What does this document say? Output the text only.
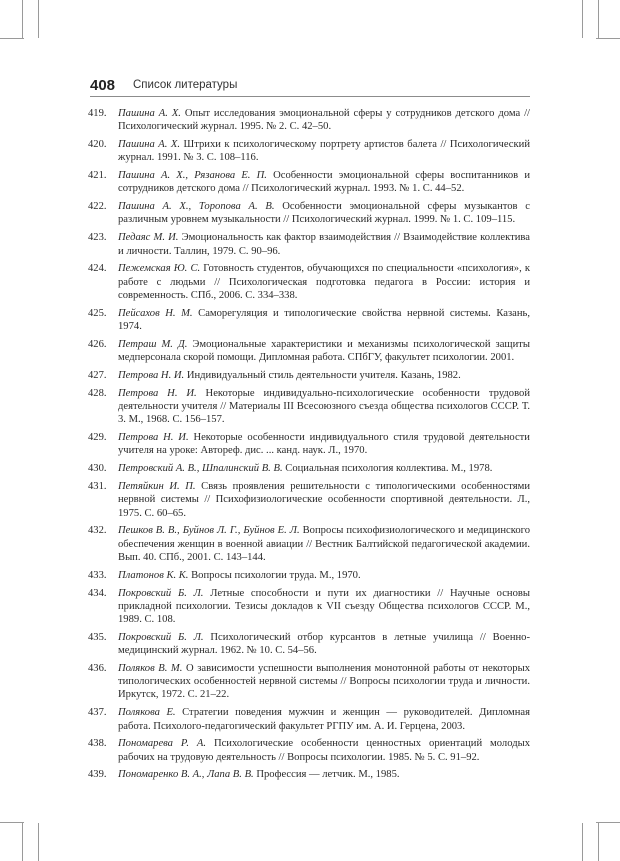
408 Список литературы
419. Пашина А. Х. Опыт исследования эмоциональной сферы у сотрудников детского дома // Психологический журнал. 1995. № 2. С. 42–50.
420. Пашина А. Х. Штрихи к психологическому портрету артистов балета // Психологический журнал. 1991. № 3. С. 108–116.
421. Пашина А. Х., Рязанова Е. П. Особенности эмоциональной сферы воспитанников и сотрудников детского дома // Психологический журнал. 1993. № 1. С. 44–52.
422. Пашина А. Х., Торопова А. В. Особенности эмоциональной сферы музыкантов с различным уровнем музыкальности // Психологический журнал. 1999. № 1. С. 109–115.
423. Педаяс М. И. Эмоциональность как фактор взаимодействия // Взаимодействие коллектива и личности. Таллин, 1979. С. 90–96.
424. Пежемская Ю. С. Готовность студентов, обучающихся по специальности «психология», к работе с людьми // Психологическая подготовка педагога в России: история и современность. СПб., 2006. С. 334–338.
425. Пейсахов Н. М. Саморегуляция и типологические свойства нервной системы. Казань, 1974.
426. Петраш М. Д. Эмоциональные характеристики и механизмы психологической защиты медперсонала скорой помощи. Дипломная работа. СПбГУ, факультет психологии. 2001.
427. Петрова Н. И. Индивидуальный стиль деятельности учителя. Казань, 1982.
428. Петрова Н. И. Некоторые индивидуально-психологические особенности трудовой деятельности учителя // Материалы III Всесоюзного съезда общества психологов СССР. Т. 3. М., 1968. С. 156–157.
429. Петрова Н. И. Некоторые особенности индивидуального стиля трудовой деятельности учителя на уроке: Автореф. дис. ... канд. наук. Л., 1970.
430. Петровский А. В., Шпалинский В. В. Социальная психология коллектива. М., 1978.
431. Петяйкин И. П. Связь проявления решительности с типологическими особенностями нервной системы // Психофизиологические особенности спортивной деятельности. Л., 1975. С. 60–65.
432. Пешков В. В., Буйнов Л. Г., Буйнов Е. Л. Вопросы психофизиологического и медицинского обеспечения женщин в военной авиации // Вестник Балтийской педагогической академии. Вып. 40. СПб., 2001. С. 143–144.
433. Платонов К. К. Вопросы психологии труда. М., 1970.
434. Покровский Б. Л. Летные способности и пути их диагностики // Научные основы прикладной психологии. Тезисы докладов к VII съезду Общества психологов СССР. М., 1989. С. 108.
435. Покровский Б. Л. Психологический отбор курсантов в летные училища // Военно-медицинский журнал. 1962. № 10. С. 54–56.
436. Поляков В. М. О зависимости успешности выполнения монотонной работы от некоторых типологических особенностей нервной системы // Вопросы психологии труда и личности. Иркутск, 1972. С. 21–22.
437. Полякова Е. Стратегии поведения мужчин и женщин — руководителей. Дипломная работа. Психолого-педагогический факультет РГПУ им. А. И. Герцена, 2003.
438. Пономарева Р. А. Психологические особенности ценностных ориентаций молодых рабочих на трудовую деятельность // Вопросы психологии. 1985. № 5. С. 91–92.
439. Пономаренко В. А., Лапа В. В. Профессия — летчик. М., 1985.
